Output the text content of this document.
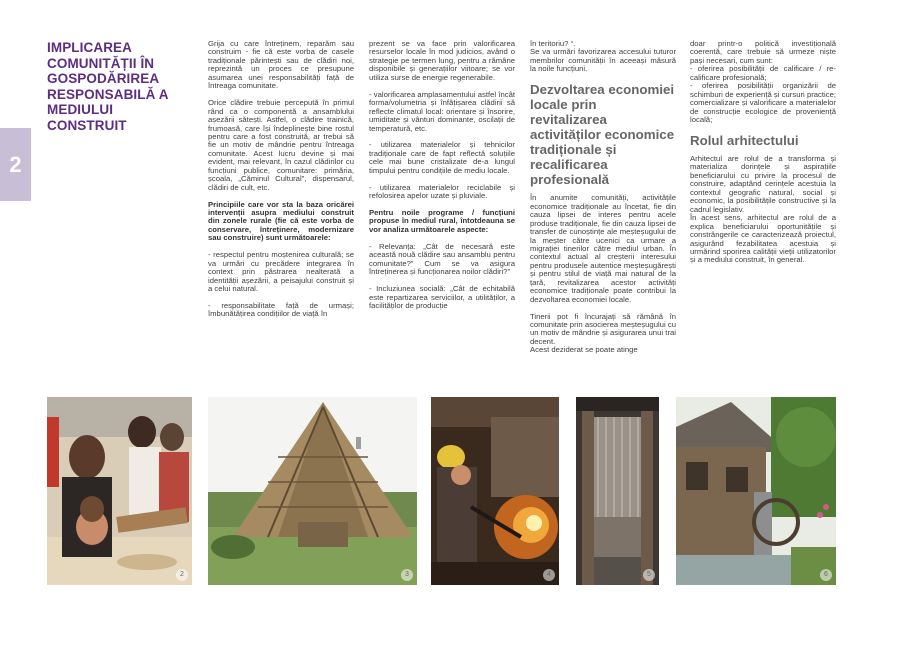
2
IMPLICAREA COMUNITĂȚII ÎN GOSPODĂRIREA RESPONSABILĂ A MEDIULUI CONSTRUIT

Grija cu care întreținem, reparăm sau construim - fie că este vorba de casele tradiționale părintești sau de clădiri noi, reprezintă un proces ce presupune asumarea unei responsabilități față de întreaga comunitate.

Orice clădire trebuie percepută în primul rând ca o componentă a ansamblului așezării sătești. Astfel, o clădire trainică, frumoasă, care își îndeplinește bine rostul pentru care a fost construită, ar trebui să fie un motiv de mândrie pentru întreaga comunitate. Acest lucru devine și mai evident, mai relevant, în cazul clădirilor cu funcțiuni publice, comunitare: primăria, școala, „Căminul Cultural", dispensarul, clădiri de cult, etc.

Principiile care vor sta la baza oricărei intervenții asupra mediului construit din zonele rurale (fie că este vorba de conservare, întreținere, modernizare sau construire) sunt următoarele:

- respectul pentru moștenirea culturală; se va urmări cu precădere integrarea în context prin păstrarea nealterată a identității așezării, a peisajului construit și a celui natural.

- responsabilitate față de urmași; îmbunătățirea condițiilor de viață în

prezent se va face prin valorificarea resurselor locale în mod judicios, având o strategie pe termen lung, pentru a rămâne disponibile și generațiilor viitoare; se vor utiliza surse de energie regenerabile.

- valorificarea amplasamentului astfel încât forma/volumetria și înfățișarea clădirii să reflecte climatul local: orientare și însorire, umiditate și vânturi dominante, oscilații de temperatură, etc.

- utilizarea materialelor și tehnicilor tradiționale care de fapt reflectă soluțiile cele mai bune cristalizate de-a lungul timpului pentru condițiile de mediu locale.

- utilizarea materialelor reciclabile și refolosirea apelor uzate și pluviale.

Pentru noile programe / funcțiuni propuse în mediul rural, întotdeauna se vor analiza următoarele aspecte:

- Relevanța: „Cât de necesară este această nouă clădire sau ansamblu pentru comunitate?” Cum se va asigura întreținerea și funcționarea noilor clădiri?”

- Incluziunea socială: „Cât de echitabilă este repartizarea serviciilor, a utilităților, a facilităților de producție

în teritoriu? “.

Se va urmări favorizarea accesului tuturor membrilor comunității în aceeași măsură la noile funcțiuni.

Dezvoltarea economiei locale prin revitalizarea activităților economice tradiționale și recalificarea profesională

În anumite comunități, activitățile economice tradiționale au încetat, fie din cauza lipsei de interes pentru acele produse tradiționale, fie din cauza lipsei de transfer de cunoștințe ale meșteșugului de la meșter către ucenici ca urmare a migrației tinerilor către mediul urban. În contextul actual al creșterii interesului pentru produsele autentice meșteșugărești și pentru stilul de viață mai natural de la țară, revitalizarea acestor activități economice tradiționale poate contribui la dezvoltarea economiei locale.

Tinerii pot fi încurajați să rămână în comunitate prin asocierea meșteșugului cu un motiv de mândrie și asigurarea unui trai decent.

Acest deziderat se poate atinge

doar printr-o politică investițională coerentă, care trebuie să urmeze niște pași necesari, cum sunt:

- oferirea posibilității de calificare / re-calificare profesională;

- oferirea posibilității organizării de schimburi de experiență și cursuri practice; comercializare și valorificare a materialelor de construcție ecologice de proveniență locală;

Rolul arhitectului

Arhitectul are rolul de a transforma și materializa dorințele și aspirațiile beneficiarului cu privire la procesul de construire, adaptând cerințele acestuia la contextul geografic natural, social și economic, la posibilitățile constructive și la cadrul legislativ.

În acest sens, arhitectul are rolul de a explica beneficiarului oportunitățile și constrângerile ce caracterizează proiectul, asigurând fezabilitatea acestuia și urmărind sporirea calității vieții utilizatorilor și a mediului construit, în general.

2	3	4	5	6
